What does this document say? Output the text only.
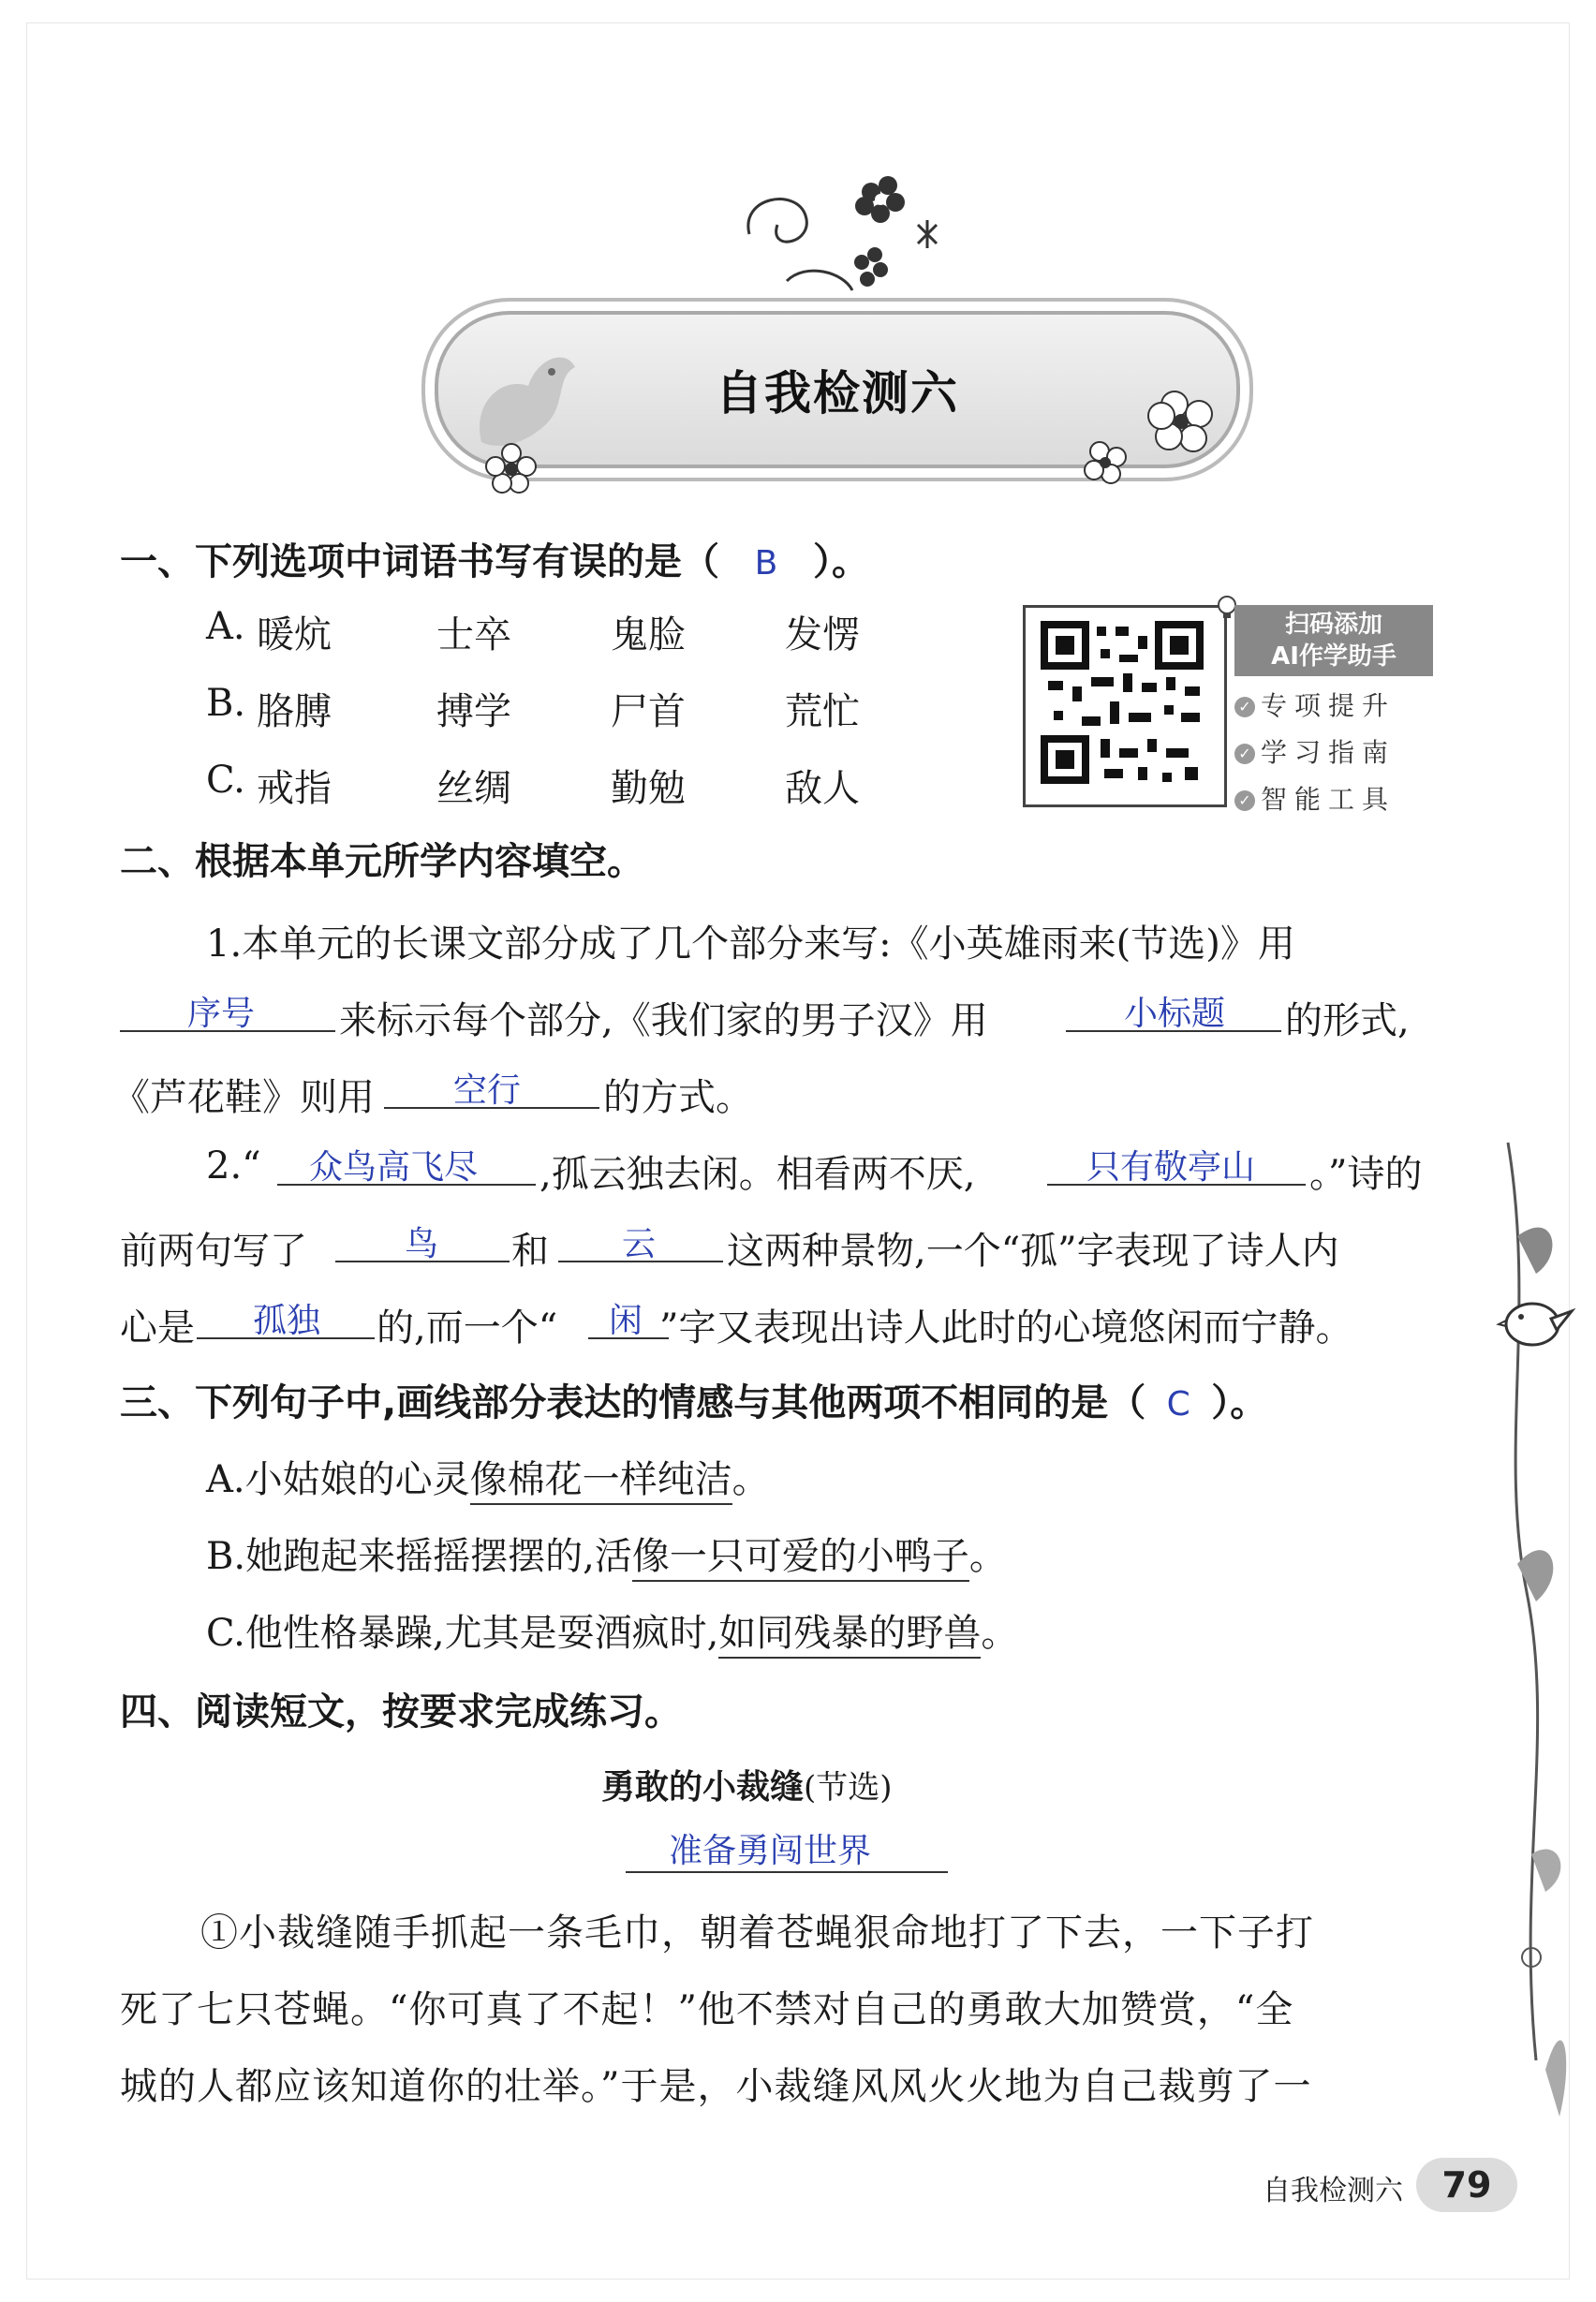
自我检测六
一、下列选项中词语书写有误的是（ B ）。
A. 暖炕	士卒	鬼脸	发愣
B. 胳膊	搏学	尸首	荒忙
C. 戒指	丝绸	勤勉	敌人
扫码添加
AI作学助手
✓ 专项提升
✓ 学习指南
✓ 智能工具
二、根据本单元所学内容填空。
1.本单元的长课文部分成了几个部分来写:《小英雄雨来(节选)》用
序号 来标示每个部分,《我们家的男子汉》用	小标题 的形式,
《芦花鞋》则用 空行 的方式。
2.“ 众鸟高飞尽 ,孤云独去闲。相看两不厌,	只有敬亭山 。”诗的
前两句写了	鸟 和 云 这两种景物,一个“孤”字表现了诗人内
心是 孤独 的,而一个“ 闲 ”字又表现出诗人此时的心境悠闲而宁静。
三、下列句子中,画线部分表达的情感与其他两项不相同的是（ C ）。
A.小姑娘的心灵像棉花一样纯洁。
B.她跑起来摇摇摆摆的,活像一只可爱的小鸭子。
C.他性格暴躁,尤其是耍酒疯时,如同残暴的野兽。
四、阅读短文，按要求完成练习。
勇敢的小裁缝(节选)
准备勇闯世界
①小裁缝随手抓起一条毛巾，朝着苍蝇狠命地打了下去，一下子打
死了七只苍蝇。“你可真了不起！”他不禁对自己的勇敢大加赞赏，“全
城的人都应该知道你的壮举。”于是，小裁缝风风火火地为自己裁剪了一
自我检测六	79
